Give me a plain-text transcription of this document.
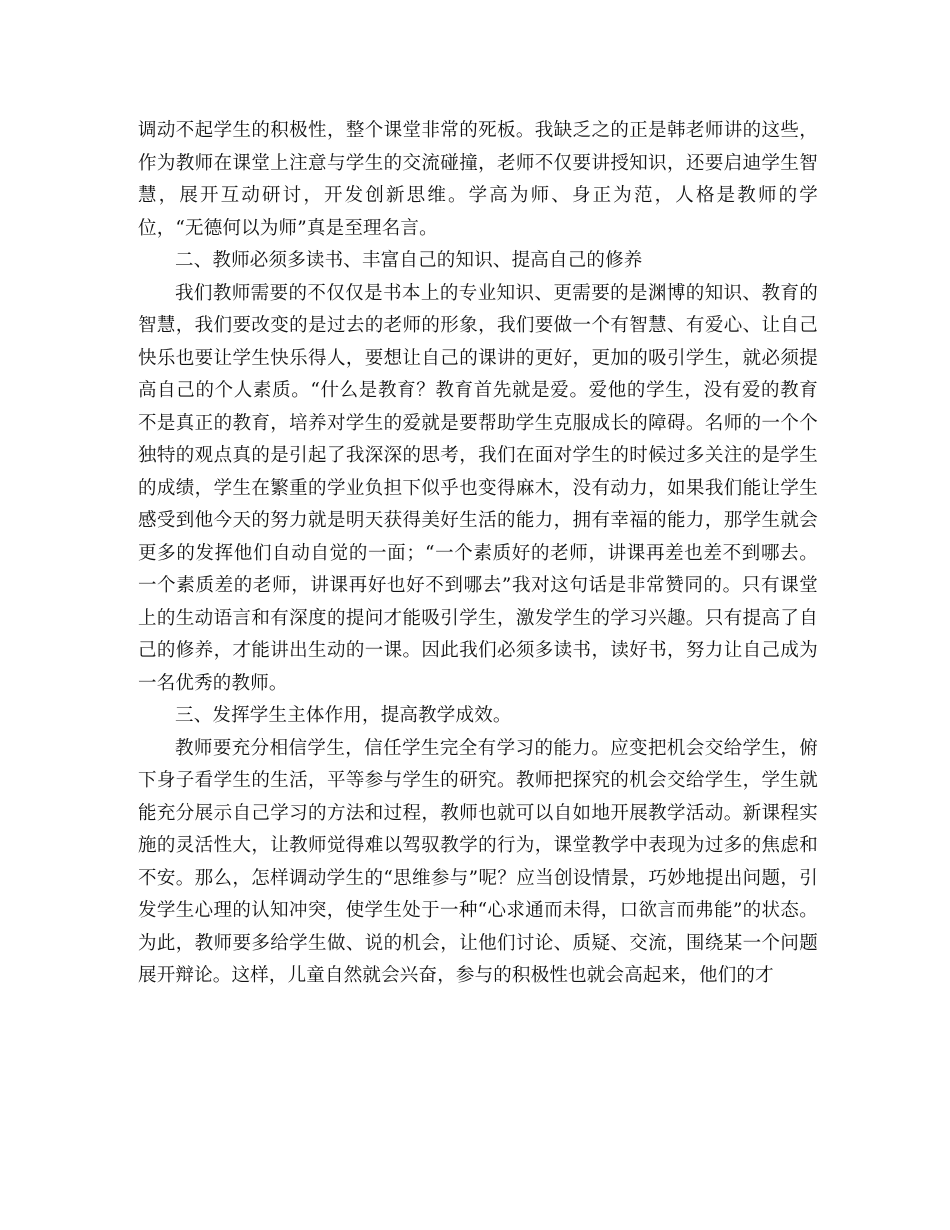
调动不起学生的积极性，整个课堂非常的死板。我缺乏之的正是韩老师讲的这些，作为教师在课堂上注意与学生的交流碰撞，老师不仅要讲授知识，还要启迪学生智慧，展开互动研讨，开发创新思维。学高为师、身正为范，人格是教师的学位，“无德何以为师”真是至理名言。

二、教师必须多读书、丰富自己的知识、提高自己的修养

我们教师需要的不仅仅是书本上的专业知识、更需要的是渊博的知识、教育的智慧，我们要改变的是过去的老师的形象，我们要做一个有智慧、有爱心、让自己快乐也要让学生快乐得人，要想让自己的课讲的更好，更加的吸引学生，就必须提高自己的个人素质。“什么是教育？教育首先就是爱。爱他的学生，没有爱的教育不是真正的教育，培养对学生的爱就是要帮助学生克服成长的障碍。名师的一个个独特的观点真的是引起了我深深的思考，我们在面对学生的时候过多关注的是学生的成绩，学生在繁重的学业负担下似乎也变得麻木，没有动力，如果我们能让学生感受到他今天的努力就是明天获得美好生活的能力，拥有幸福的能力，那学生就会更多的发挥他们自动自觉的一面；“一个素质好的老师，讲课再差也差不到哪去。一个素质差的老师，讲课再好也好不到哪去”我对这句话是非常赞同的。只有课堂上的生动语言和有深度的提问才能吸引学生，激发学生的学习兴趣。只有提高了自己的修养，才能讲出生动的一课。因此我们必须多读书，读好书，努力让自己成为一名优秀的教师。

三、发挥学生主体作用，提高教学成效。

教师要充分相信学生，信任学生完全有学习的能力。应变把机会交给学生，俯下身子看学生的生活，平等参与学生的研究。教师把探究的机会交给学生，学生就能充分展示自己学习的方法和过程，教师也就可以自如地开展教学活动。新课程实施的灵活性大，让教师觉得难以驾驭教学的行为，课堂教学中表现为过多的焦虑和不安。那么，怎样调动学生的“思维参与”呢？应当创设情景，巧妙地提出问题，引发学生心理的认知冲突，使学生处于一种“心求通而未得，口欲言而弗能”的状态。为此，教师要多给学生做、说的机会，让他们讨论、质疑、交流，围绕某一个问题展开辩论。这样，儿童自然就会兴奋，参与的积极性也就会高起来，他们的才
